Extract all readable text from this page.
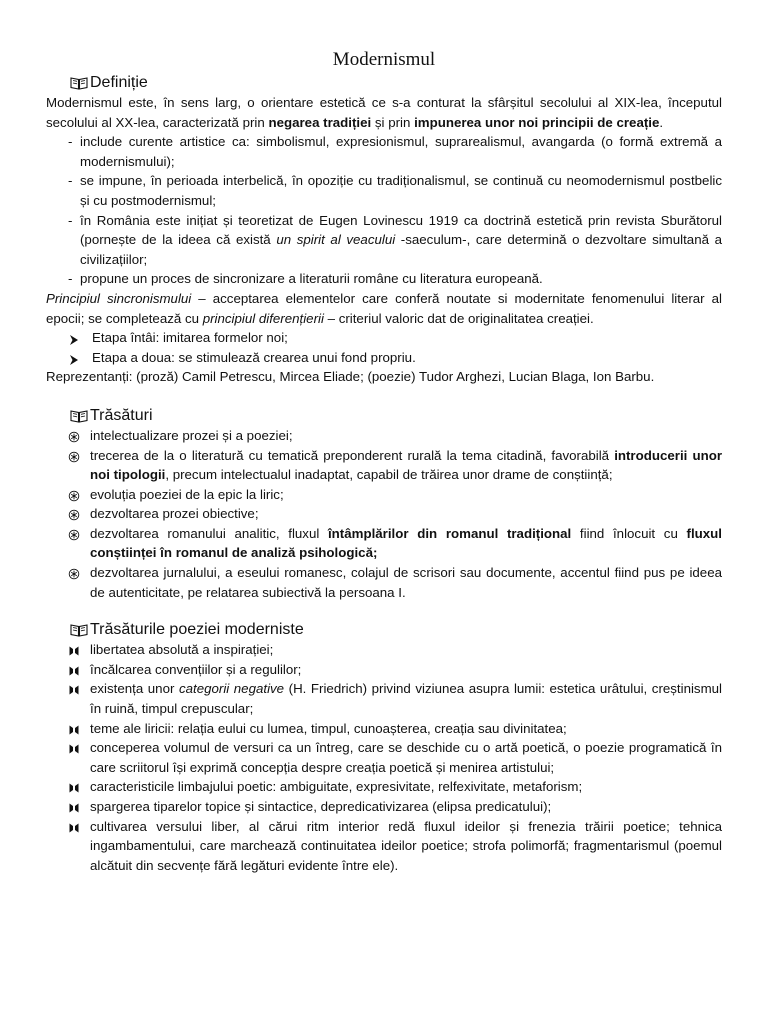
Modernismul
Definiție

Modernismul este, în sens larg, o orientare estetică ce s-a conturat la sfârșitul secolului al XIX-lea, începutul secolului al XX-lea, caracterizată prin negarea tradiției și prin impunerea unor noi principii de creație.

- include curente artistice ca: simbolismul, expresionismul, suprarealismul, avangarda (o formă extremă a modernismului);
- se impune, în perioada interbelică, în opoziție cu tradiționalismul, se continuă cu neomodernismul postbelic și cu postmodernismul;
- în România este inițiat și teoretizat de Eugen Lovinescu 1919 ca doctrină estetică prin revista Sburătorul (pornește de la ideea că există un spirit al veacului -saeculum-, care determină o dezvoltare simultană a civilizațiilor;
- propune un proces de sincronizare a literaturii române cu literatura europeană.

Principiul sincronismului – acceptarea elementelor care conferă noutate si modernitate fenomenului literar al epocii; se completează cu principiul diferențierii – criteriul valoric dat de originalitatea creației.

Etapa întâi: imitarea formelor noi;
Etapa a doua: se stimulează crearea unui fond propriu.

Reprezentanți: (proză) Camil Petrescu, Mircea Eliade; (poezie) Tudor Arghezi, Lucian Blaga, Ion Barbu.

Trăsături
intelectualizare prozei și a poeziei;
trecerea de la o literatură cu tematică preponderent rurală la tema citadină, favorabilă introducerii unor noi tipologii, precum intelectualul inadaptat, capabil de trăirea unor drame de conștiință;
evoluția poeziei de la epic la liric;
dezvoltarea prozei obiective;
dezvoltarea romanului analitic, fluxul întâmplărilor din romanul tradițional fiind înlocuit cu fluxul conștiinței în romanul de analiză psihologică;
dezvoltarea jurnalului, a eseului romanesc, colajul de scrisori sau documente, accentul fiind pus pe ideea de autenticitate, pe relatarea subiectivă la persoana I.
Trăsăturile poeziei moderniste
libertatea absolută a inspirației;
încălcarea convențiilor și a regulilor;
existența unor categorii negative (H. Friedrich) privind viziunea asupra lumii: estetica urâtului, creștinismul în ruină, timpul crepuscular;
teme ale liricii: relația eului cu lumea, timpul, cunoașterea, creația sau divinitatea;
conceperea volumul de versuri ca un întreg, care se deschide cu o artă poetică, o poezie programatică în care scriitorul își exprimă concepția despre creația poetică și menirea artistului;
caracteristicile limbajului poetic: ambiguitate, expresivitate, relfexivitate, metaforism;
spargerea tiparelor topice și sintactice, depredicativizarea (elipsa predicatului);
cultivarea versului liber, al cărui ritm interior redă fluxul ideilor și frenezia trăirii poetice; tehnica ingambamentului, care marchează continuitatea ideilor poetice; strofa polimorfă; fragmentarismul (poemul alcătuit din secvențe fără legături evidente între ele).
